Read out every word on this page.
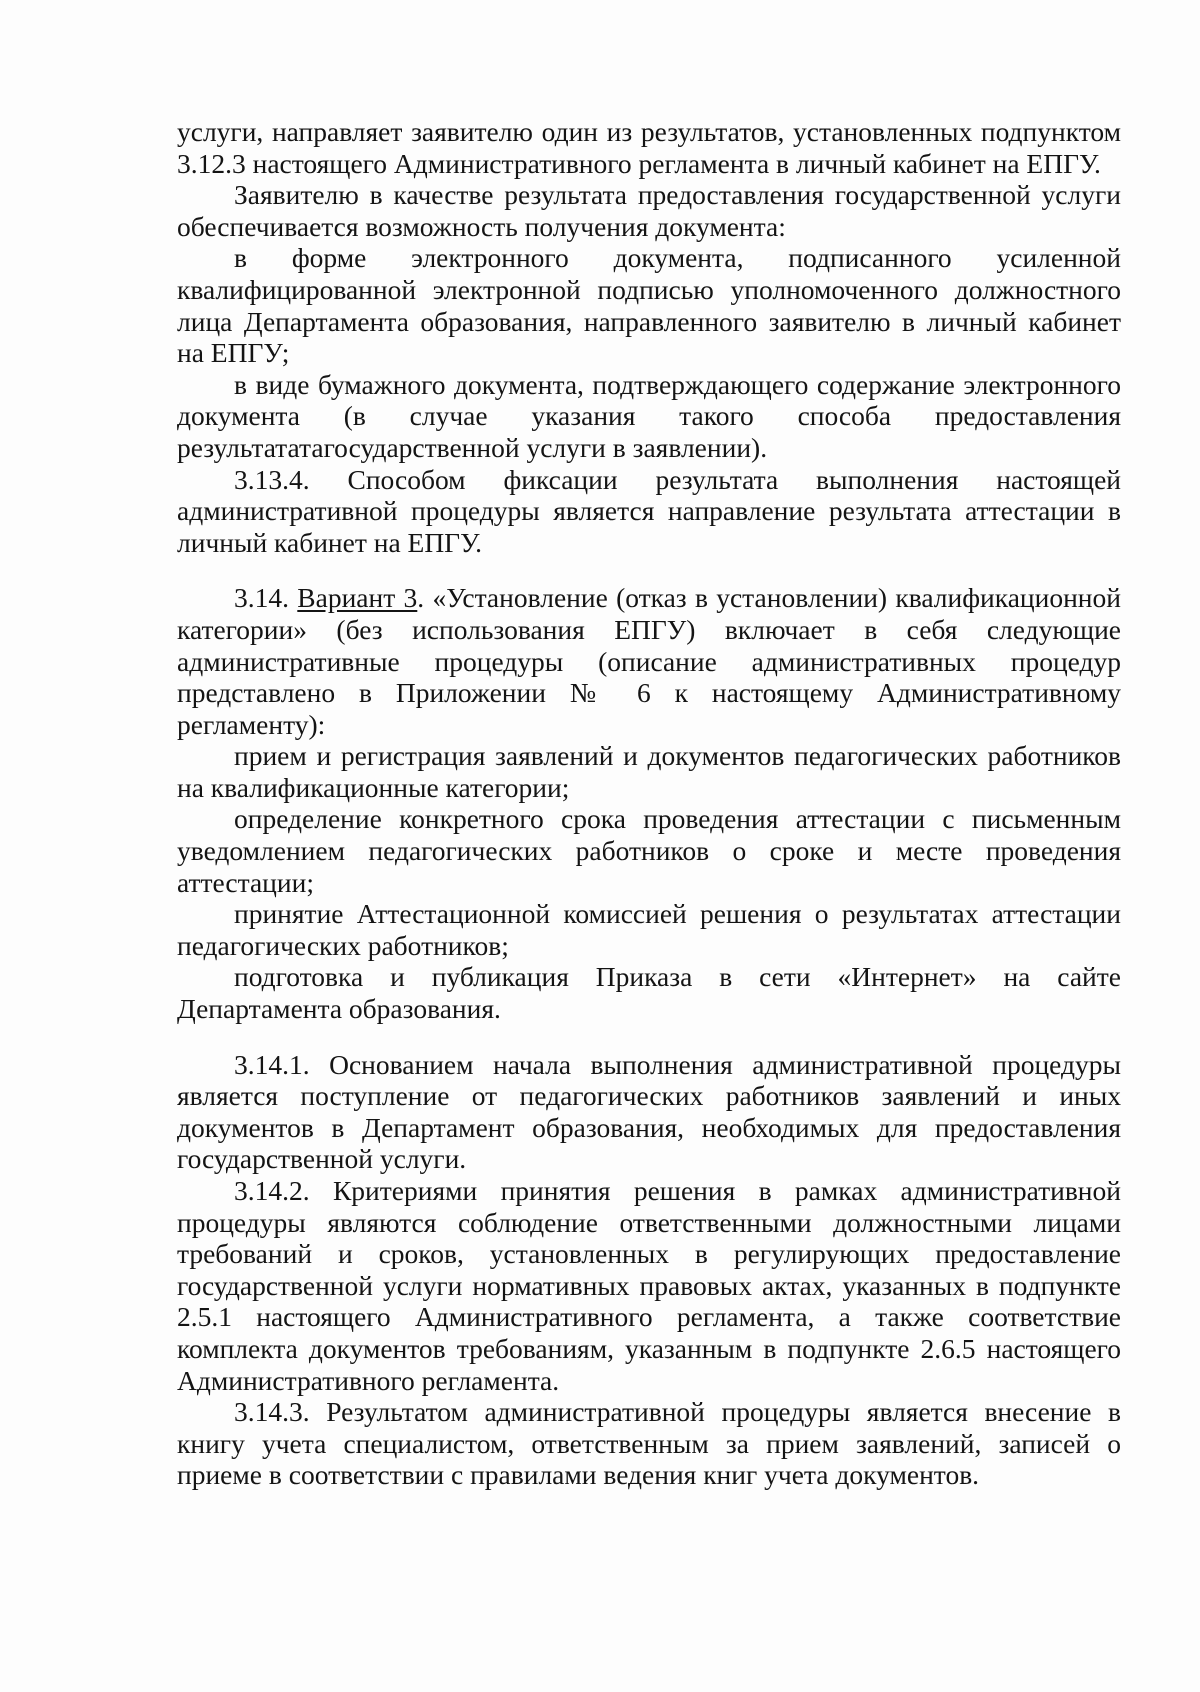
услуги, направляет заявителю один из результатов, установленных подпунктом 3.12.3 настоящего Административного регламента в личный кабинет на ЕПГУ.

Заявителю в качестве результата предоставления государственной услуги обеспечивается возможность получения документа:

в форме электронного документа, подписанного усиленной квалифицированной электронной подписью уполномоченного должностного лица Департамента образования, направленного заявителю в личный кабинет на ЕПГУ;

в виде бумажного документа, подтверждающего содержание электронного документа (в случае указания такого способа предоставления результататагосударственной услуги в заявлении).

3.13.4. Способом фиксации результата выполнения настоящей административной процедуры является направление результата аттестации в личный кабинет на ЕПГУ.

3.14. Вариант 3. «Установление (отказ в установлении) квалификационной категории» (без использования ЕПГУ) включает в себя следующие административные процедуры (описание административных процедур представлено в Приложении № 6 к настоящему Административному регламенту):

прием и регистрация заявлений и документов педагогических работников на квалификационные категории;

определение конкретного срока проведения аттестации с письменным уведомлением педагогических работников о сроке и месте проведения аттестации;

принятие Аттестационной комиссией решения о результатах аттестации педагогических работников;

подготовка и публикация Приказа в сети «Интернет» на сайте Департамента образования.

3.14.1. Основанием начала выполнения административной процедуры является поступление от педагогических работников заявлений и иных документов в Департамент образования, необходимых для предоставления государственной услуги.

3.14.2. Критериями принятия решения в рамках административной процедуры являются соблюдение ответственными должностными лицами требований и сроков, установленных в регулирующих предоставление государственной услуги нормативных правовых актах, указанных в подпункте 2.5.1 настоящего Административного регламента, а также соответствие комплекта документов требованиям, указанным в подпункте 2.6.5 настоящего Административного регламента.

3.14.3. Результатом административной процедуры является внесение в книгу учета специалистом, ответственным за прием заявлений, записей о приеме в соответствии с правилами ведения книг учета документов.
